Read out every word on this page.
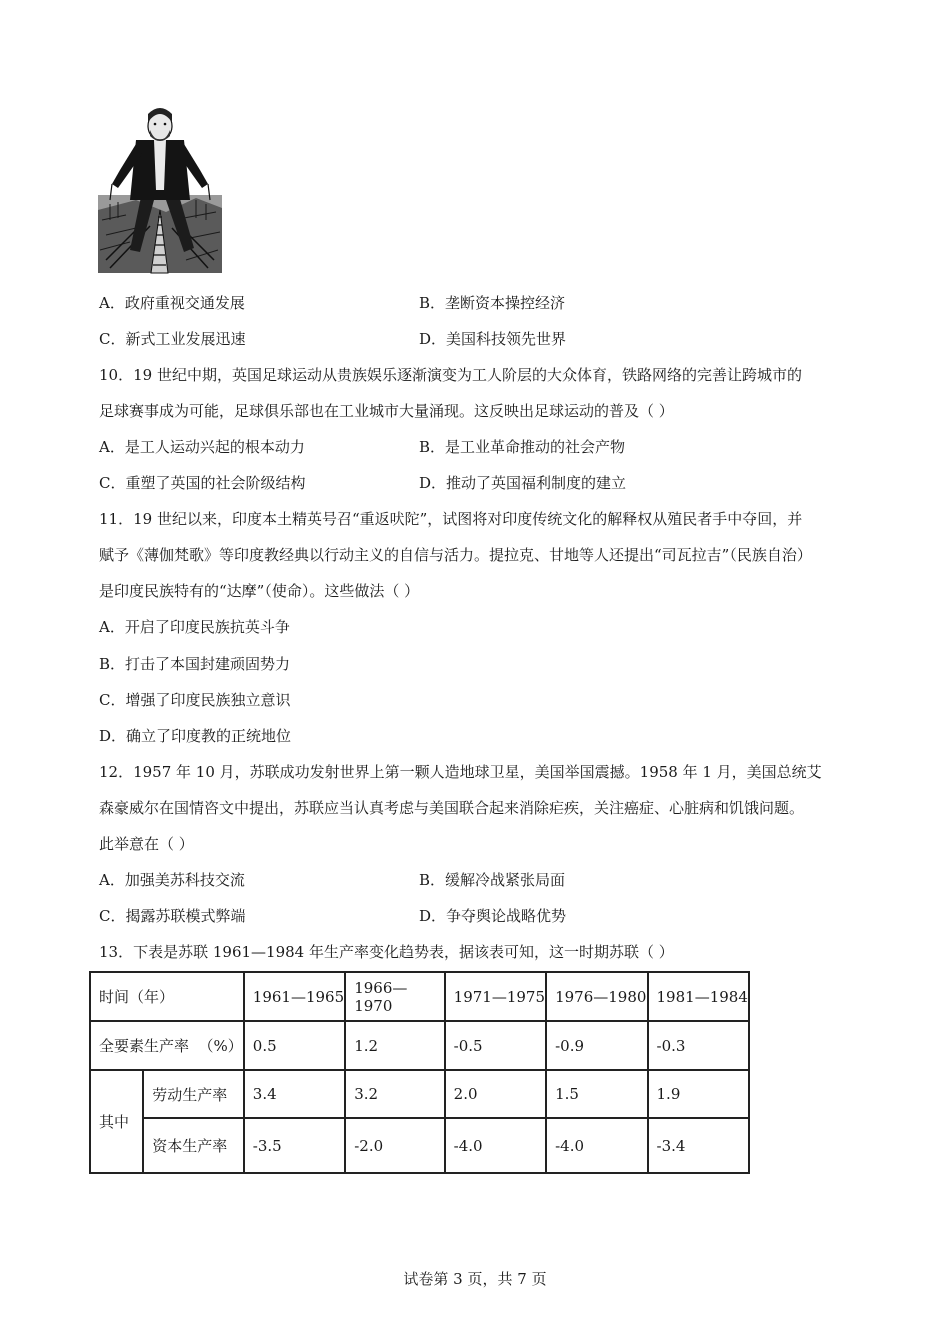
A．政府重视交通发展	B．垄断资本操控经济
C．新式工业发展迅速	D．美国科技领先世界
10．19 世纪中期，英国足球运动从贵族娱乐逐渐演变为工人阶层的大众体育，铁路网络的完善让跨城市的
足球赛事成为可能，足球俱乐部也在工业城市大量涌现。这反映出足球运动的普及（ ）
A．是工人运动兴起的根本动力	B．是工业革命推动的社会产物
C．重塑了英国的社会阶级结构	D．推动了英国福利制度的建立
11．19 世纪以来，印度本土精英号召“重返吠陀”，试图将对印度传统文化的解释权从殖民者手中夺回，并
赋予《薄伽梵歌》等印度教经典以行动主义的自信与活力。提拉克、甘地等人还提出“司瓦拉吉”（民族自治）
是印度民族特有的“达摩”（使命）。这些做法（ ）
A．开启了印度民族抗英斗争
B．打击了本国封建顽固势力
C．增强了印度民族独立意识
D．确立了印度教的正统地位
12．1957 年 10 月，苏联成功发射世界上第一颗人造地球卫星，美国举国震撼。1958 年 1 月，美国总统艾
森豪威尔在国情咨文中提出，苏联应当认真考虑与美国联合起来消除疟疾，关注癌症、心脏病和饥饿问题。
此举意在（ ）
A．加强美苏科技交流	B．缓解冷战紧张局面
C．揭露苏联模式弊端	D．争夺舆论战略优势
13．下表是苏联 1961—1984 年生产率变化趋势表，据该表可知，这一时期苏联（ ）
时间（年）		1961—1965	1966—1970	1971—1975	1976—1980	1981—1984
全要素生产率  （%）		0.5	1.2	-0.5	-0.9	-0.3
其中	劳动生产率	3.4	3.2	2.0	1.5	1.9
	资本生产率	-3.5	-2.0	-4.0	-4.0	-3.4
试卷第 3 页，共 7 页
